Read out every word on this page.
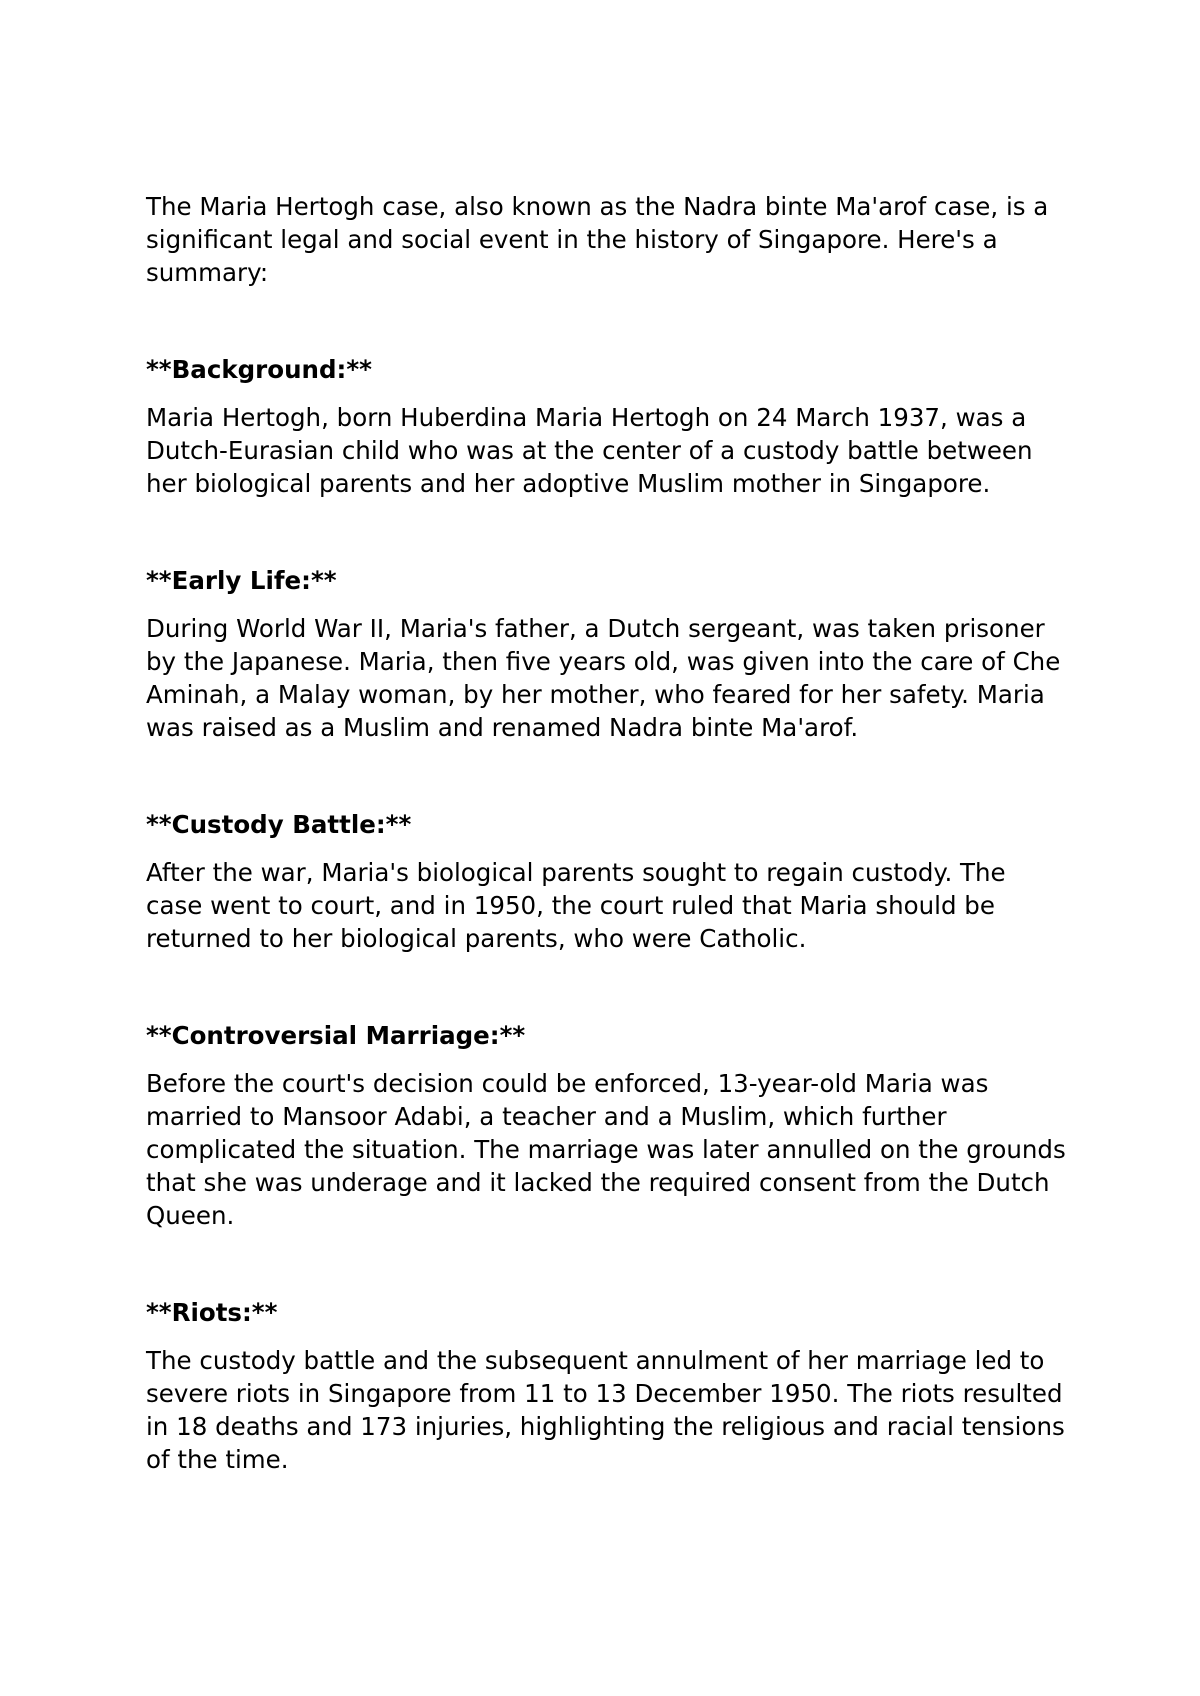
The Maria Hertogh case, also known as the Nadra binte Ma'arof case, is a
significant legal and social event in the history of Singapore. Here's a
summary:

**Background:**

Maria Hertogh, born Huberdina Maria Hertogh on 24 March 1937, was a
Dutch-Eurasian child who was at the center of a custody battle between
her biological parents and her adoptive Muslim mother in Singapore.

**Early Life:**

During World War II, Maria's father, a Dutch sergeant, was taken prisoner
by the Japanese. Maria, then five years old, was given into the care of Che
Aminah, a Malay woman, by her mother, who feared for her safety. Maria
was raised as a Muslim and renamed Nadra binte Ma'arof.

**Custody Battle:**

After the war, Maria's biological parents sought to regain custody. The
case went to court, and in 1950, the court ruled that Maria should be
returned to her biological parents, who were Catholic.

**Controversial Marriage:**

Before the court's decision could be enforced, 13-year-old Maria was
married to Mansoor Adabi, a teacher and a Muslim, which further
complicated the situation. The marriage was later annulled on the grounds
that she was underage and it lacked the required consent from the Dutch
Queen.

**Riots:**

The custody battle and the subsequent annulment of her marriage led to
severe riots in Singapore from 11 to 13 December 1950. The riots resulted
in 18 deaths and 173 injuries, highlighting the religious and racial tensions
of the time.
